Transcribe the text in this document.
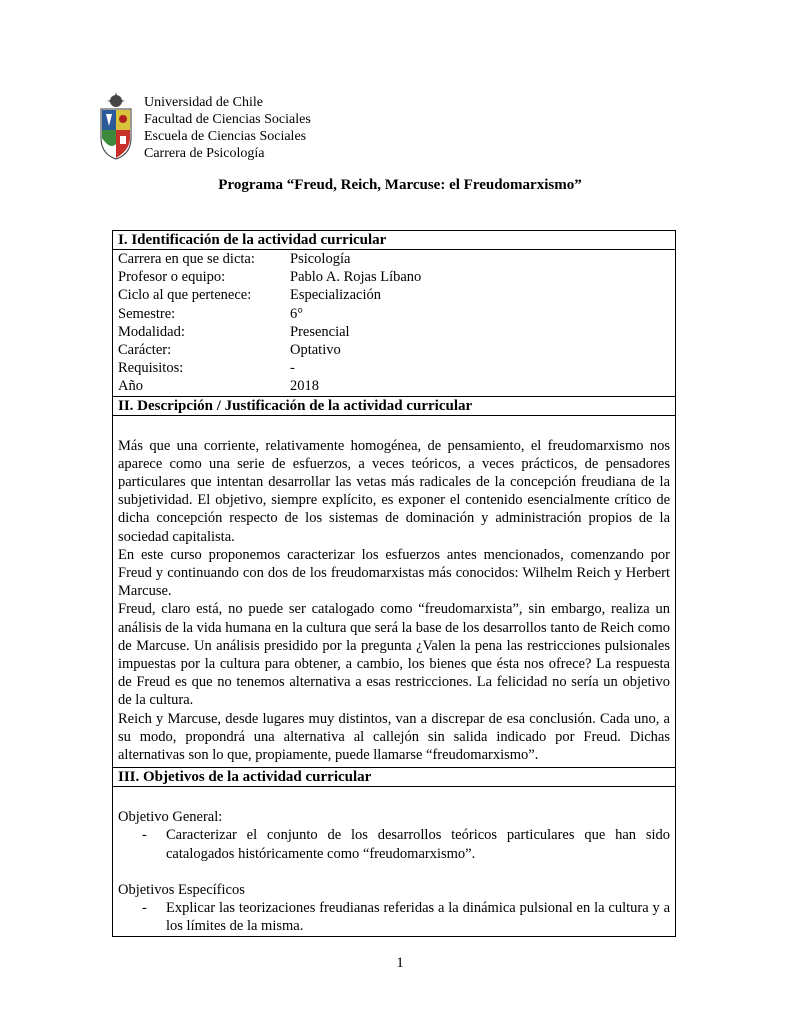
Universidad de Chile
Facultad de Ciencias Sociales
Escuela de Ciencias Sociales
Carrera de Psicología
Programa “Freud, Reich, Marcuse: el Freudomarxismo”
I. Identificación de la actividad curricular
Carrera en que se dicta:	Psicología
Profesor o equipo:	Pablo A. Rojas Líbano
Ciclo al que pertenece:	Especialización
Semestre:	6°
Modalidad:	Presencial
Carácter:	Optativo
Requisitos:	-
Año	2018
II. Descripción / Justificación de la actividad curricular

Más que una corriente, relativamente homogénea, de pensamiento, el freudomarxismo nos aparece como una serie de esfuerzos, a veces teóricos, a veces prácticos, de pensadores particulares que intentan desarrollar las vetas más radicales de la concepción freudiana de la subjetividad. El objetivo, siempre explícito, es exponer el contenido esencialmente crítico de dicha concepción respecto de los sistemas de dominación y administración propios de la sociedad capitalista.

En este curso proponemos caracterizar los esfuerzos antes mencionados, comenzando por Freud y continuando con dos de los freudomarxistas más conocidos: Wilhelm Reich y Herbert Marcuse.

Freud, claro está, no puede ser catalogado como “freudomarxista”, sin embargo, realiza un análisis de la vida humana en la cultura que será la base de los desarrollos tanto de Reich como de Marcuse. Un análisis presidido por la pregunta ¿Valen la pena las restricciones pulsionales impuestas por la cultura para obtener, a cambio, los bienes que ésta nos ofrece? La respuesta de Freud es que no tenemos alternativa a esas restricciones. La felicidad no sería un objetivo de la cultura.

Reich y Marcuse, desde lugares muy distintos, van a discrepar de esa conclusión. Cada uno, a su modo, propondrá una alternativa al callejón sin salida indicado por Freud. Dichas alternativas son lo que, propiamente, puede llamarse “freudomarxismo”.

III. Objetivos de la actividad curricular

Objetivo General:

-	Caracterizar el conjunto de los desarrollos teóricos particulares que han sido catalogados históricamente como “freudomarxismo”.

Objetivos Específicos

-	Explicar las teorizaciones freudianas referidas a la dinámica pulsional en la cultura y a los límites de la misma.
1
